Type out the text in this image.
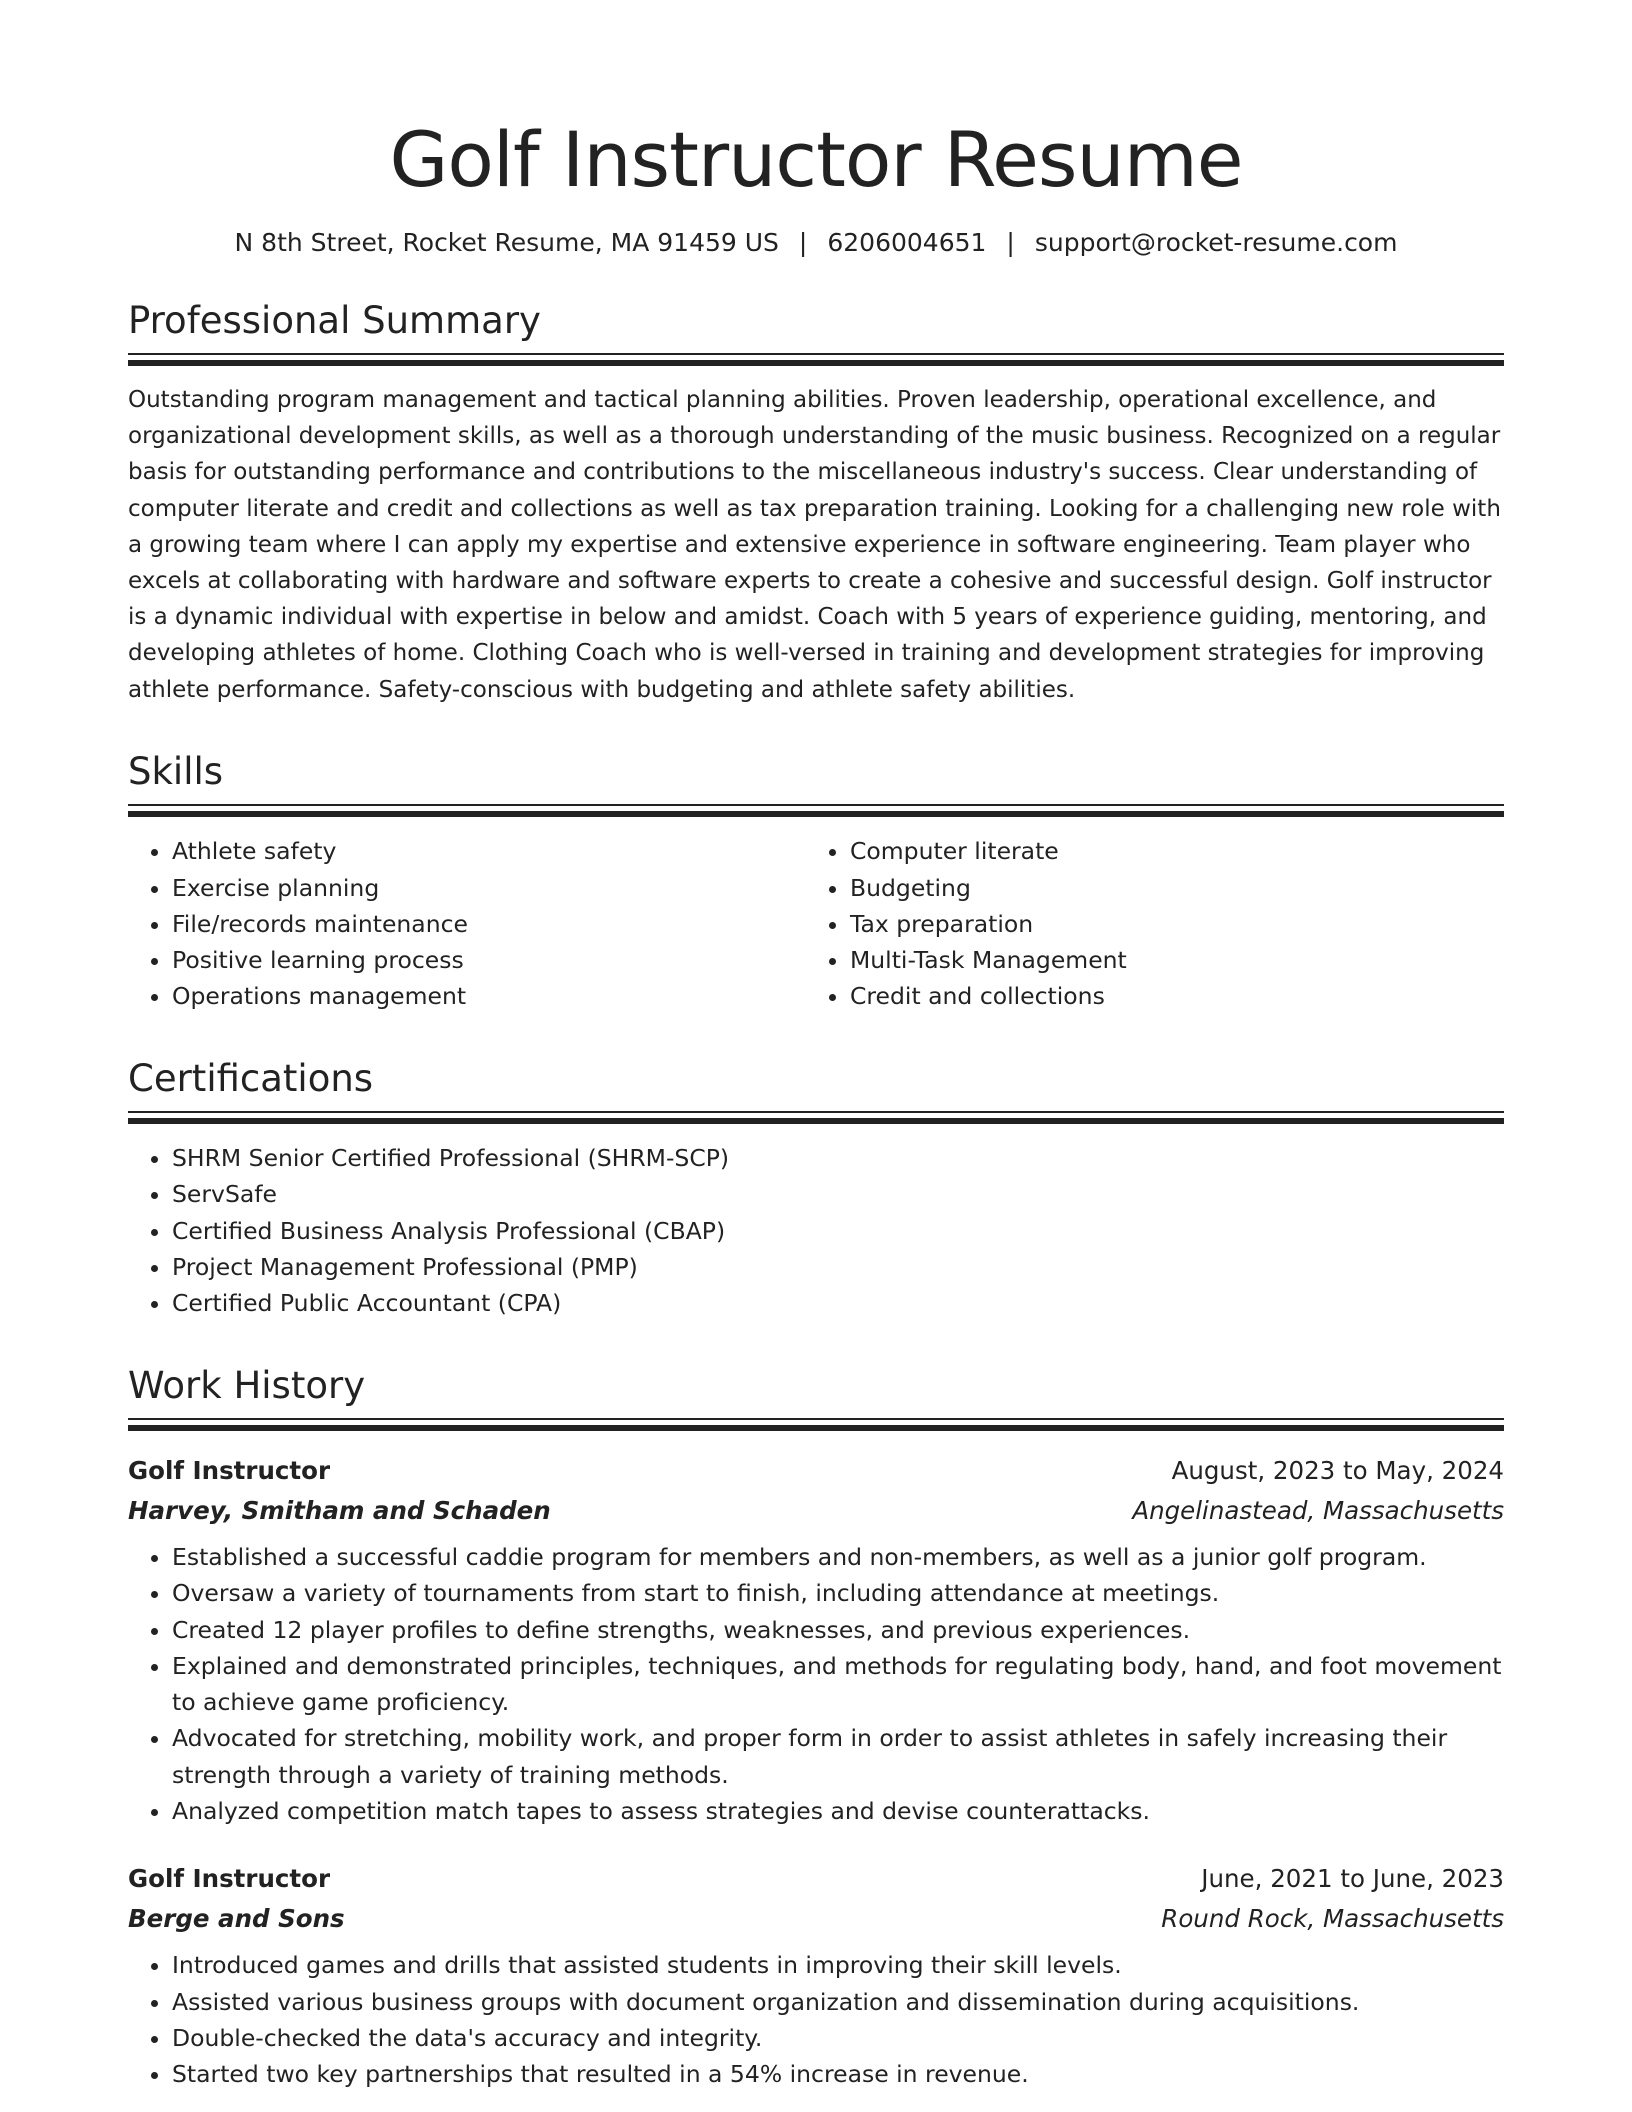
Golf Instructor Resume
N 8th Street, Rocket Resume, MA 91459 US | 6206004651 | support@rocket-resume.com
Professional Summary

Outstanding program management and tactical planning abilities. Proven leadership, operational excellence, and organizational development skills, as well as a thorough understanding of the music business. Recognized on a regular basis for outstanding performance and contributions to the miscellaneous industry's success. Clear understanding of computer literate and credit and collections as well as tax preparation training. Looking for a challenging new role with a growing team where I can apply my expertise and extensive experience in software engineering. Team player who excels at collaborating with hardware and software experts to create a cohesive and successful design. Golf instructor is a dynamic individual with expertise in below and amidst. Coach with 5 years of experience guiding, mentoring, and developing athletes of home. Clothing Coach who is well-versed in training and development strategies for improving athlete performance. Safety-conscious with budgeting and athlete safety abilities.

Skills
• Athlete safety
• Exercise planning
• File/records maintenance
• Positive learning process
• Operations management
• Computer literate
• Budgeting
• Tax preparation
• Multi-Task Management
• Credit and collections
Certifications
• SHRM Senior Certified Professional (SHRM-SCP)
• ServSafe
• Certified Business Analysis Professional (CBAP)
• Project Management Professional (PMP)
• Certified Public Accountant (CPA)
Work History
Golf Instructor	August, 2023 to May, 2024
Harvey, Smitham and Schaden	Angelinastead, Massachusetts
• Established a successful caddie program for members and non-members, as well as a junior golf program.
• Oversaw a variety of tournaments from start to finish, including attendance at meetings.
• Created 12 player profiles to define strengths, weaknesses, and previous experiences.
• Explained and demonstrated principles, techniques, and methods for regulating body, hand, and foot movement to achieve game proficiency.
• Advocated for stretching, mobility work, and proper form in order to assist athletes in safely increasing their strength through a variety of training methods.
• Analyzed competition match tapes to assess strategies and devise counterattacks.
Golf Instructor	June, 2021 to June, 2023
Berge and Sons	Round Rock, Massachusetts
• Introduced games and drills that assisted students in improving their skill levels.
• Assisted various business groups with document organization and dissemination during acquisitions.
• Double-checked the data's accuracy and integrity.
• Started two key partnerships that resulted in a 54% increase in revenue.
